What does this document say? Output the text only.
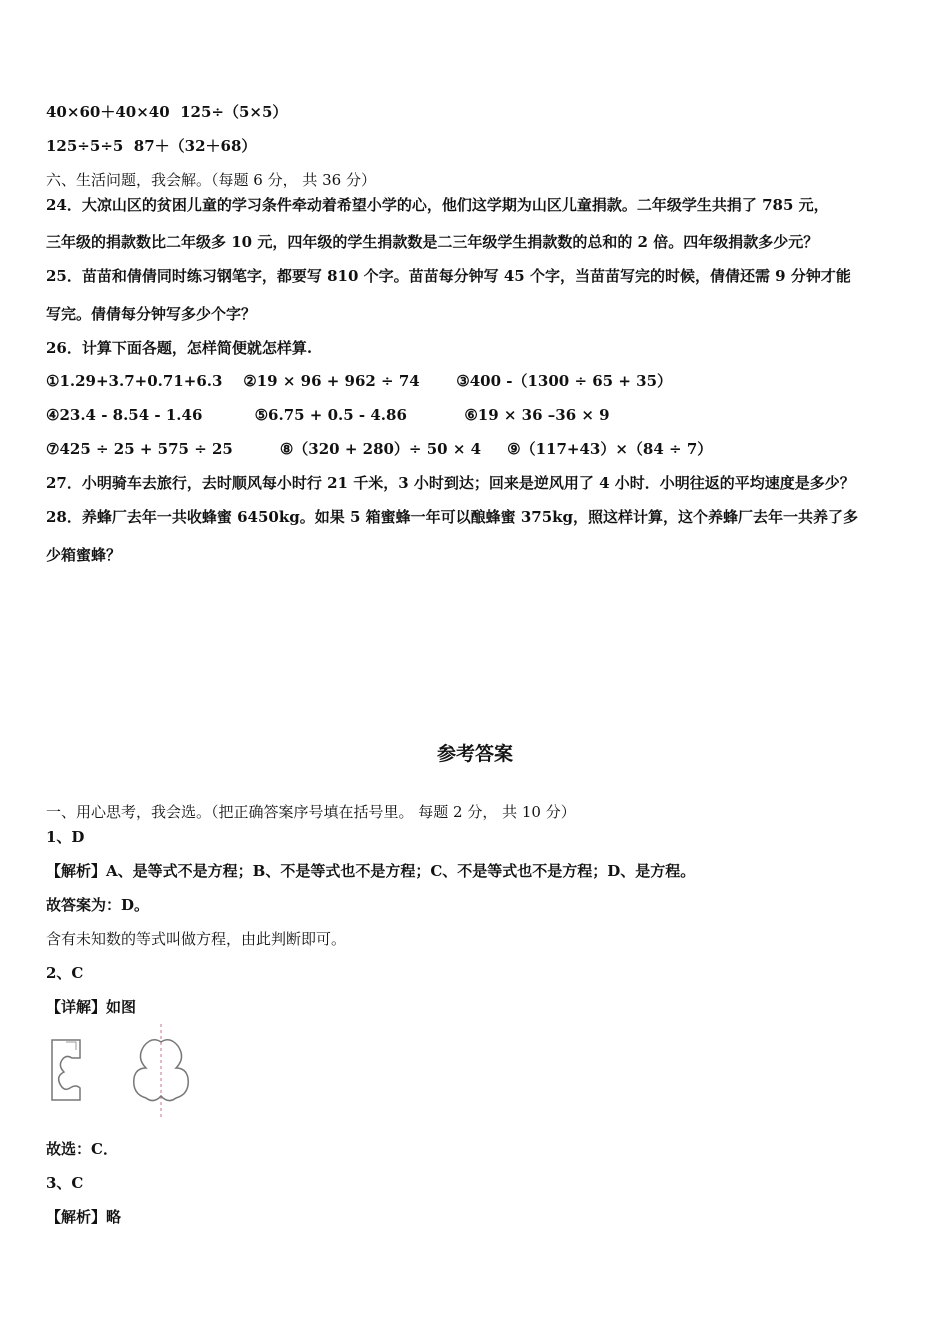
40×60＋40×40  125÷（5×5）
125÷5÷5  87＋（32＋68）
六、生活问题，我会解。（每题 6 分， 共 36 分）
24．大凉山区的贫困儿童的学习条件牵动着希望小学的心，他们这学期为山区儿童捐款。二年级学生共捐了 785 元，
三年级的捐款数比二年级多 10 元，四年级的学生捐款数是二三年级学生捐款数的总和的 2 倍。四年级捐款多少元？
25．苗苗和倩倩同时练习钢笔字，都要写 810 个字。苗苗每分钟写 45 个字，当苗苗写完的时候，倩倩还需 9 分钟才能
写完。倩倩每分钟写多少个字？
26．计算下面各题，怎样简便就怎样算.
①1.29+3.7+0.71+6.3    ②19 × 96 + 962 ÷ 74       ③400 -（1300 ÷ 65 + 35）
④23.4 - 8.54 - 1.46          ⑤6.75 + 0.5 - 4.86           ⑥19 × 36 –36 × 9
⑦425 ÷ 25 + 575 ÷ 25         ⑧（320 + 280）÷ 50 × 4     ⑨（117+43）×（84 ÷ 7）
27．小明骑车去旅行，去时顺风每小时行 21 千米，3 小时到达；回来是逆风用了 4 小时．小明往返的平均速度是多少？
28．养蜂厂去年一共收蜂蜜 6450kg。如果 5 箱蜜蜂一年可以酿蜂蜜 375kg，照这样计算，这个养蜂厂去年一共养了多
少箱蜜蜂？
参考答案
一、用心思考，我会选。（把正确答案序号填在括号里。 每题 2 分， 共 10 分）
1、D
【解析】A、是等式不是方程；B、不是等式也不是方程；C、不是等式也不是方程；D、是方程。
故答案为：D。
含有未知数的等式叫做方程，由此判断即可。
2、C
【详解】如图
故选：C．
3、C
【解析】略
